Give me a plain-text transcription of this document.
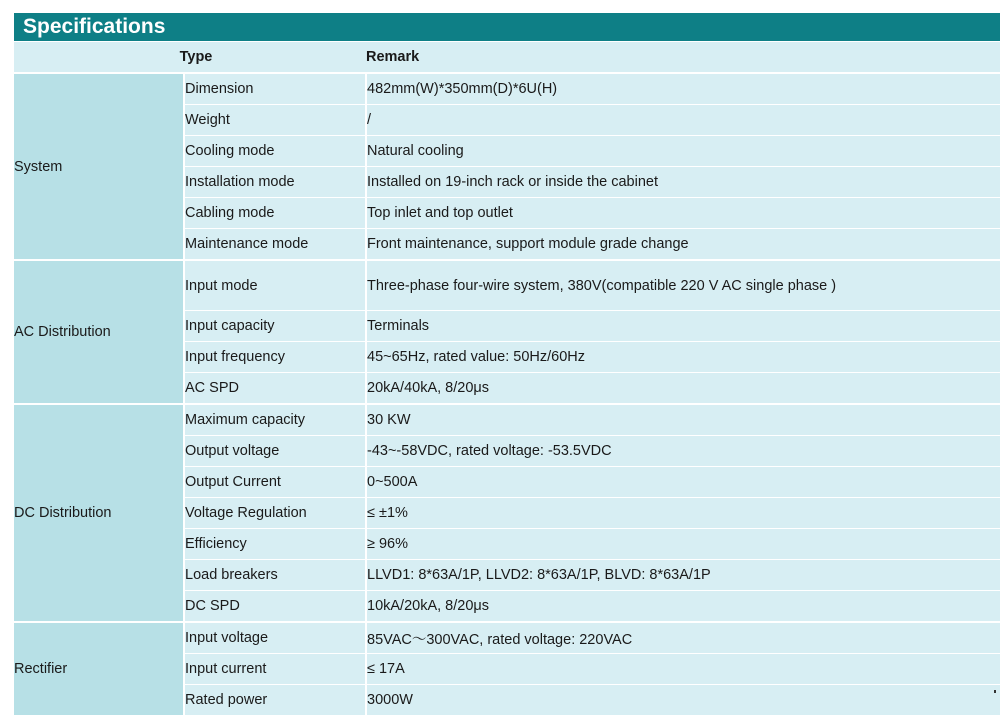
Specifications
Type		Remark
System	Dimension	482mm(W)*350mm(D)*6U(H)
	Weight	/
	Cooling mode	Natural cooling
	Installation mode	Installed on 19-inch rack or inside the cabinet
	Cabling mode	Top inlet and top outlet
	Maintenance mode	Front maintenance, support module grade change
AC Distribution	Input mode	Three-phase four-wire system, 380V(compatible 220 V AC single phase )
	Input capacity	Terminals
	Input frequency	45~65Hz, rated value: 50Hz/60Hz
	AC SPD	20kA/40kA, 8/20μs
DC Distribution	Maximum capacity	30 KW
	Output voltage	-43~-58VDC, rated voltage: -53.5VDC
	Output Current	0~500A
	Voltage Regulation	≤ ±1%
	Efficiency	≥ 96%
	Load breakers	LLVD1: 8*63A/1P, LLVD2: 8*63A/1P, BLVD: 8*63A/1P
	DC SPD	10kA/20kA, 8/20μs
Rectifier	Input voltage	85VAC～300VAC, rated voltage: 220VAC
	Input current	≤ 17A
	Rated power	3000W
